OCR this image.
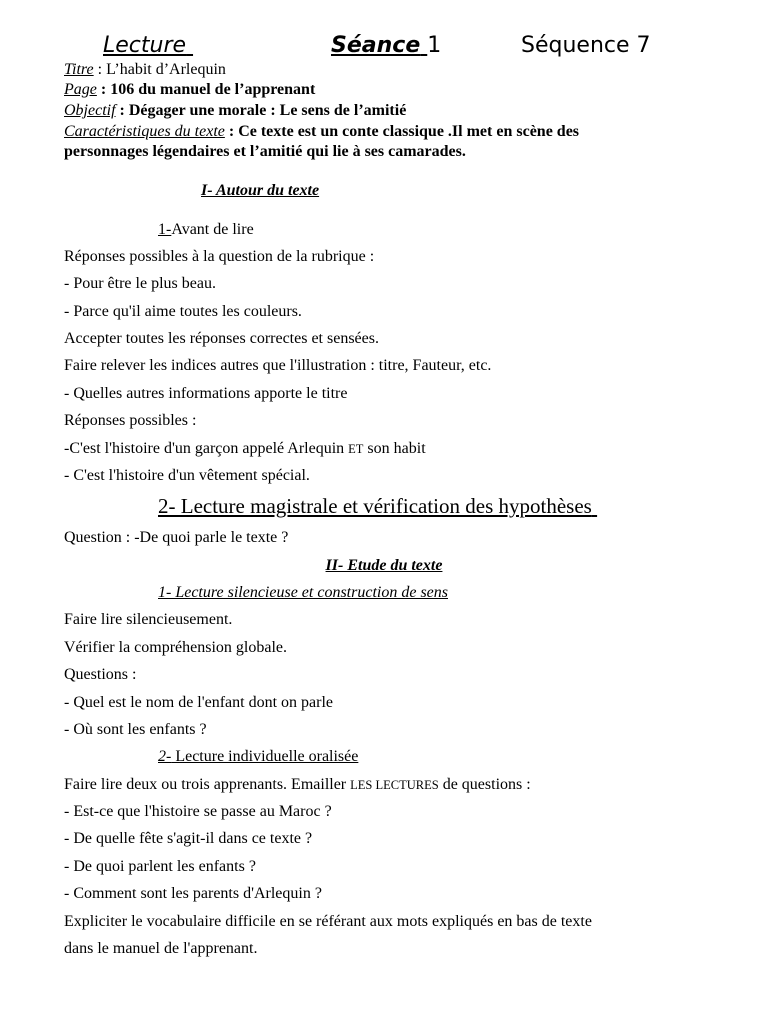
Lecture	Séance 1	Séquence 7
Titre : L’habit d’Arlequin
Page : 106 du manuel de l’apprenant
Objectif : Dégager une morale : Le sens de l’amitié
Caractéristiques du texte : Ce texte est un conte classique .Il met en scène des
personnages légendaires et l’amitié qui lie à ses camarades.
I- Autour du texte
1-Avant de lire
Réponses possibles à la question de la rubrique :
- Pour être le plus beau.
- Parce qu'il aime toutes les couleurs.
Accepter toutes les réponses correctes et sensées.
Faire relever les indices autres que l'illustration : titre, Fauteur, etc.
- Quelles autres informations apporte le titre
Réponses possibles :
-C'est l'histoire d'un garçon appelé Arlequin ET son habit
- C'est l'histoire d'un vêtement spécial.
2- Lecture magistrale et vérification des hypothèses
Question : -De quoi parle le texte ?
II- Etude du texte
1- Lecture silencieuse et construction de sens
Faire lire silencieusement.
Vérifier la compréhension globale.
Questions :
- Quel est le nom de l'enfant dont on parle
- Où sont les enfants ?
2- Lecture individuelle oralisée
Faire lire deux ou trois apprenants. Emailler LES LECTURES de questions :
- Est-ce que l'histoire se passe au Maroc ?
- De quelle fête s'agit-il dans ce texte ?
- De quoi parlent les enfants ?
- Comment sont les parents d'Arlequin ?
Expliciter le vocabulaire difficile en se référant aux mots expliqués en bas de texte
dans le manuel de l'apprenant.
